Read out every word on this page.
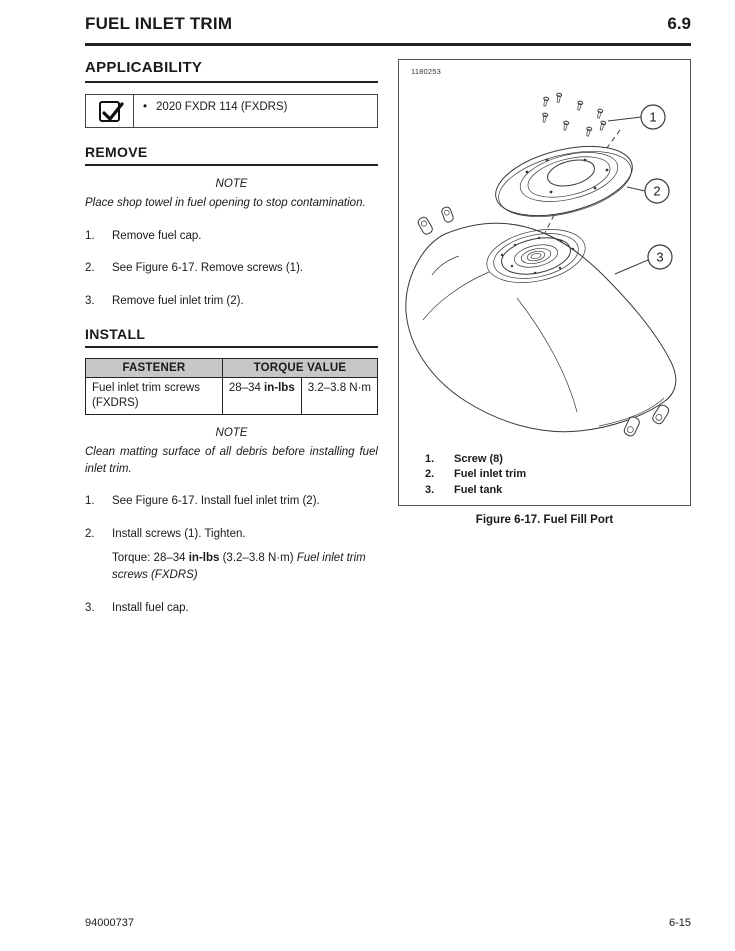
FUEL INLET TRIM	6.9
APPLICABILITY
• 2020 FXDR 114 (FXDRS)
REMOVE
NOTE
Place shop towel in fuel opening to stop contamination.
1.	Remove fuel cap.
2.	See Figure 6-17. Remove screws (1).
3.	Remove fuel inlet trim (2).
INSTALL
FASTENER	TORQUE VALUE	
Fuel inlet trim screws (FXDRS)	28–34 in-lbs	3.2–3.8 N·m
NOTE
Clean matting surface of all debris before installing fuel inlet trim.
1.	See Figure 6-17. Install fuel inlet trim (2).
2.	Install screws (1). Tighten.
Torque: 28–34 in-lbs (3.2–3.8 N·m) Fuel inlet trim screws (FXDRS)
3.	Install fuel cap.
1180253
1
2
3
1.	Screw (8)
2.	Fuel inlet trim
3.	Fuel tank
Figure 6-17. Fuel Fill Port
94000737	6-15
